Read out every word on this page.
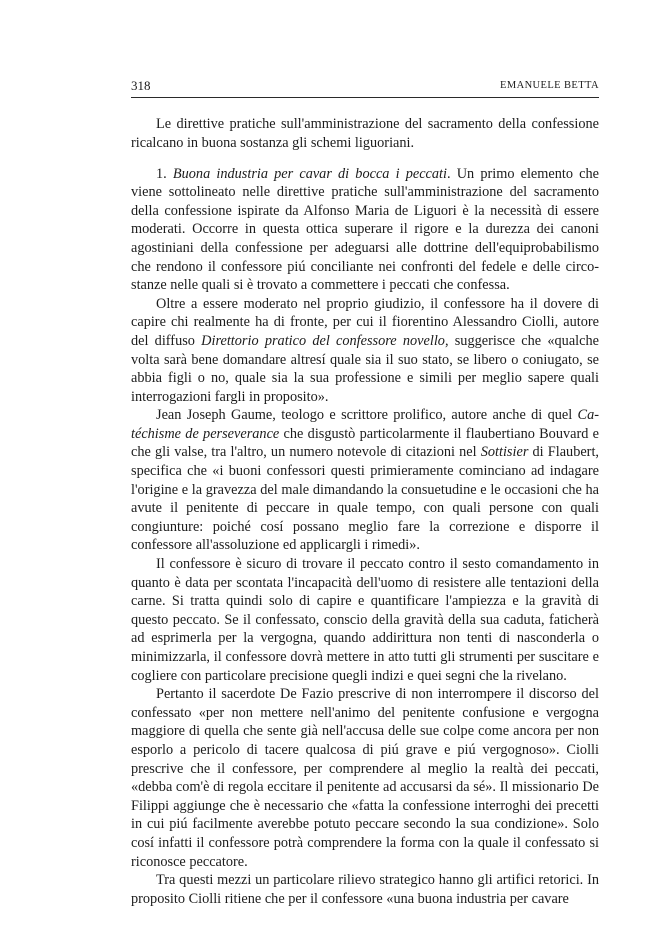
318	EMANUELE BETTA

Le direttive pratiche sull'amministrazione del sacramento della confessione ricalcano in buona sostanza gli schemi liguoriani.

1. Buona industria per cavar di bocca i peccati. Un primo elemento che viene sottolineato nelle direttive pratiche sull'amministrazione del sacramento della confessione ispirate da Alfonso Maria de Liguori è la necessità di essere moderati. Occorre in questa ottica superare il rigore e la durezza dei canoni agostiniani della confessione per adeguarsi alle dottrine dell'equiprobabilismo che rendono il confessore piú conciliante nei confronti del fedele e delle circostanze nelle quali si è trovato a commettere i peccati che confessa.

Oltre a essere moderato nel proprio giudizio, il confessore ha il dovere di capire chi realmente ha di fronte, per cui il fiorentino Alessandro Ciolli, autore del diffuso Direttorio pratico del confessore novello, suggerisce che «qualche volta sarà bene domandare altresí quale sia il suo stato, se libero o coniugato, se abbia figli o no, quale sia la sua professione e simili per meglio sapere quali interrogazioni fargli in proposito».

Jean Joseph Gaume, teologo e scrittore prolifico, autore anche di quel Catéchisme de perseverance che disgustò particolarmente il flaubertiano Bouvard e che gli valse, tra l'altro, un numero notevole di citazioni nel Sottisier di Flaubert, specifica che «i buoni confessori questi primieramente cominciano ad indagare l'origine e la gravezza del male dimandando la consuetudine e le occasioni che ha avute il penitente di peccare in quale tempo, con quali persone con quali congiunture: poiché cosí possano meglio fare la correzione e disporre il confessore all'assoluzione ed applicargli i rimedi».

Il confessore è sicuro di trovare il peccato contro il sesto comandamento in quanto è data per scontata l'incapacità dell'uomo di resistere alle tentazioni della carne. Si tratta quindi solo di capire e quantificare l'ampiezza e la gravità di questo peccato. Se il confessato, conscio della gravità della sua caduta, faticherà ad esprimerla per la vergogna, quando addirittura non tenti di nasconderla o minimizzarla, il confessore dovrà mettere in atto tutti gli strumenti per suscitare e cogliere con particolare precisione quegli indizi e quei segni che la rivelano.

Pertanto il sacerdote De Fazio prescrive di non interrompere il discorso del confessato «per non mettere nell'animo del penitente confusione e vergogna maggiore di quella che sente già nell'accusa delle sue colpe come ancora per non esporlo a pericolo di tacere qualcosa di piú grave e piú vergognoso». Ciolli prescrive che il confessore, per comprendere al meglio la realtà dei peccati, «debba com'è di regola eccitare il penitente ad accusarsi da sé». Il missionario De Filippi aggiunge che è necessario che «fatta la confessione interroghi dei precetti in cui piú facilmente averebbe potuto peccare secondo la sua condizione». Solo cosí infatti il confessore potrà comprendere la forma con la quale il confessato si riconosce peccatore.

Tra questi mezzi un particolare rilievo strategico hanno gli artifici retorici. In proposito Ciolli ritiene che per il confessore «una buona industria per cavare
